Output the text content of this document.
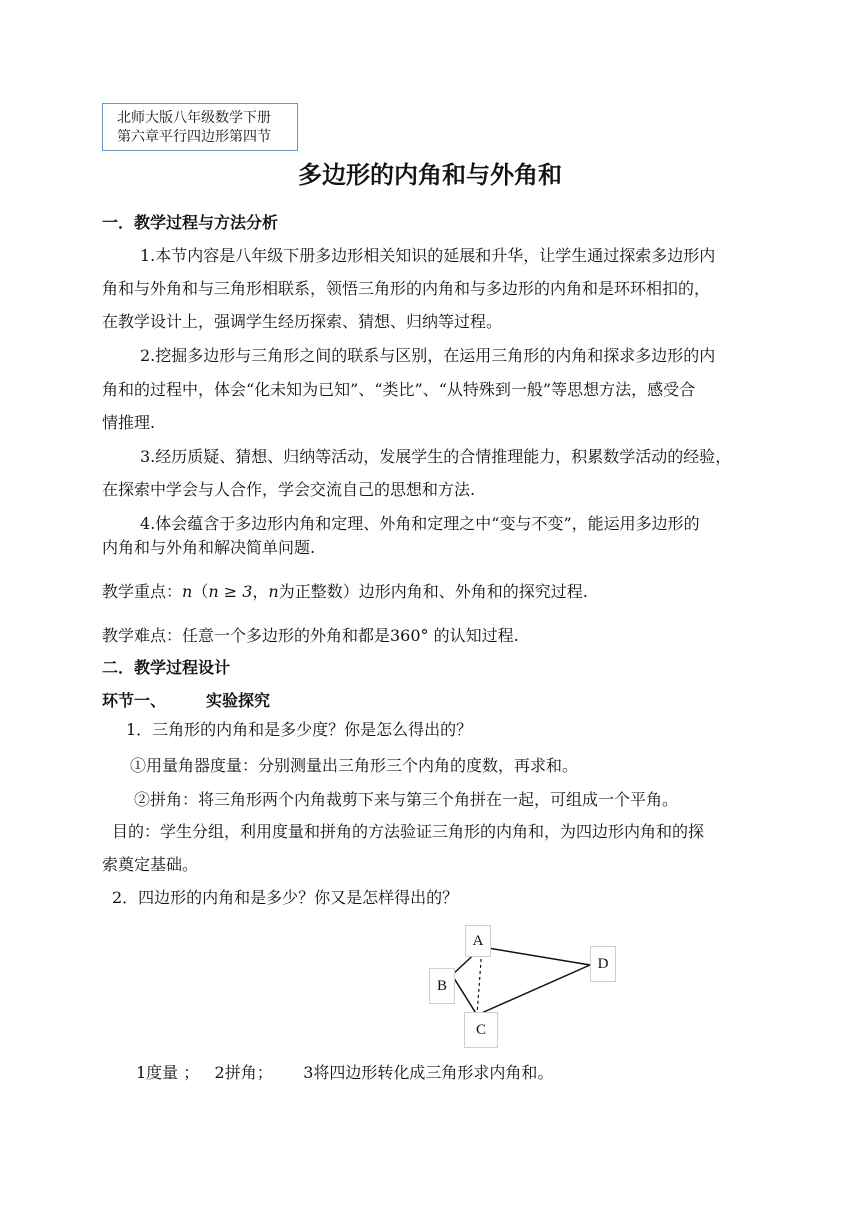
北师大版八年级数学下册
第六章平行四边形第四节
多边形的内角和与外角和
一．教学过程与方法分析
1.本节内容是八年级下册多边形相关知识的延展和升华，让学生通过探索多边形内
角和与外角和与三角形相联系，领悟三角形的内角和与多边形的内角和是环环相扣的，
在教学设计上，强调学生经历探索、猜想、归纳等过程。
2.挖掘多边形与三角形之间的联系与区别，在运用三角形的内角和探求多边形的内
角和的过程中，体会“化未知为已知”、“类比”、“从特殊到一般”等思想方法，感受合
情推理.
3.经历质疑、猜想、归纳等活动，发展学生的合情推理能力，积累数学活动的经验，
在探索中学会与人合作，学会交流自己的思想和方法.
4.体会蕴含于多边形内角和定理、外角和定理之中“变与不变”，能运用多边形的
内角和与外角和解决简单问题.
教学重点：n（n ≥ 3，n为正整数）边形内角和、外角和的探究过程.
教学难点：任意一个多边形的外角和都是360° 的认知过程.
二．教学过程设计
环节一、 实验探究
1．三角形的内角和是多少度？你是怎么得出的？
①用量角器度量：分别测量出三角形三个内角的度数，再求和。
②拼角：将三角形两个内角裁剪下来与第三个角拼在一起，可组成一个平角。
目的：学生分组，利用度量和拼角的方法验证三角形的内角和，为四边形内角和的探
索奠定基础。
2．四边形的内角和是多少？你又是怎样得出的？
A
B
C
D
1度量 ；   2拼角；      3将四边形转化成三角形求内角和。
